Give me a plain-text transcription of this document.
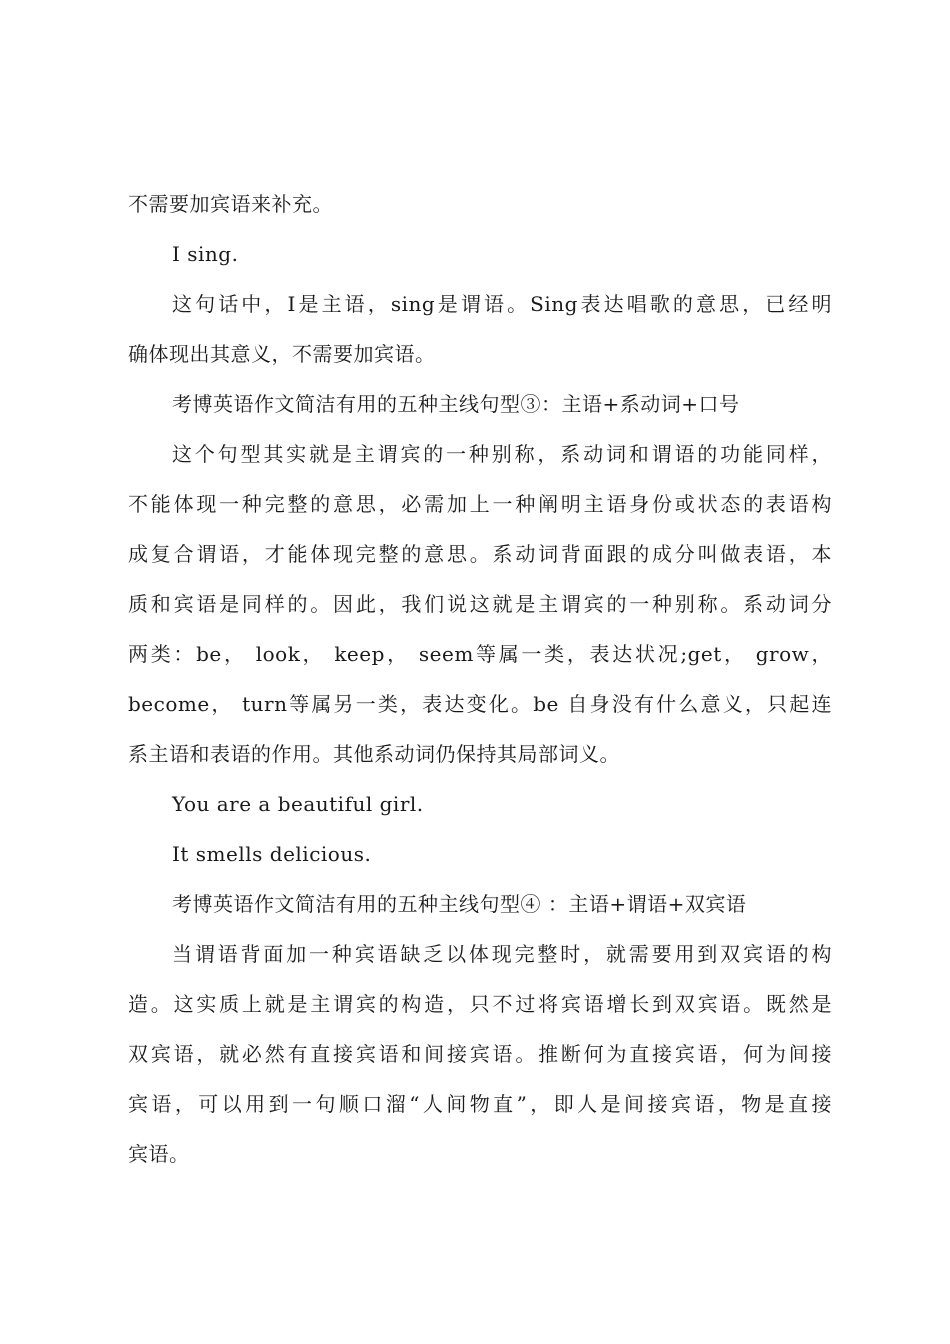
不需要加宾语来补充。
I sing.
这句话中，I是主语，sing是谓语。Sing表达唱歌的意思，已经明
确体现出其意义，不需要加宾语。
考博英语作文简洁有用的五种主线句型③：主语+系动词+口号
这个句型其实就是主谓宾的一种别称，系动词和谓语的功能同样，
不能体现一种完整的意思，必需加上一种阐明主语身份或状态的表语构
成复合谓语，才能体现完整的意思。系动词背面跟的成分叫做表语，本
质和宾语是同样的。因此，我们说这就是主谓宾的一种别称。系动词分
两类：be， look， keep， seem等属一类，表达状况;get， grow，
become， turn等属另一类，表达变化。be 自身没有什么意义，只起连
系主语和表语的作用。其他系动词仍保持其局部词义。
You are a beautiful girl.
It smells delicious.
考博英语作文简洁有用的五种主线句型④ ：主语+谓语+双宾语
当谓语背面加一种宾语缺乏以体现完整时，就需要用到双宾语的构
造。这实质上就是主谓宾的构造，只不过将宾语增长到双宾语。既然是
双宾语，就必然有直接宾语和间接宾语。推断何为直接宾语，何为间接
宾语，可以用到一句顺口溜“人间物直”，即人是间接宾语，物是直接
宾语。
